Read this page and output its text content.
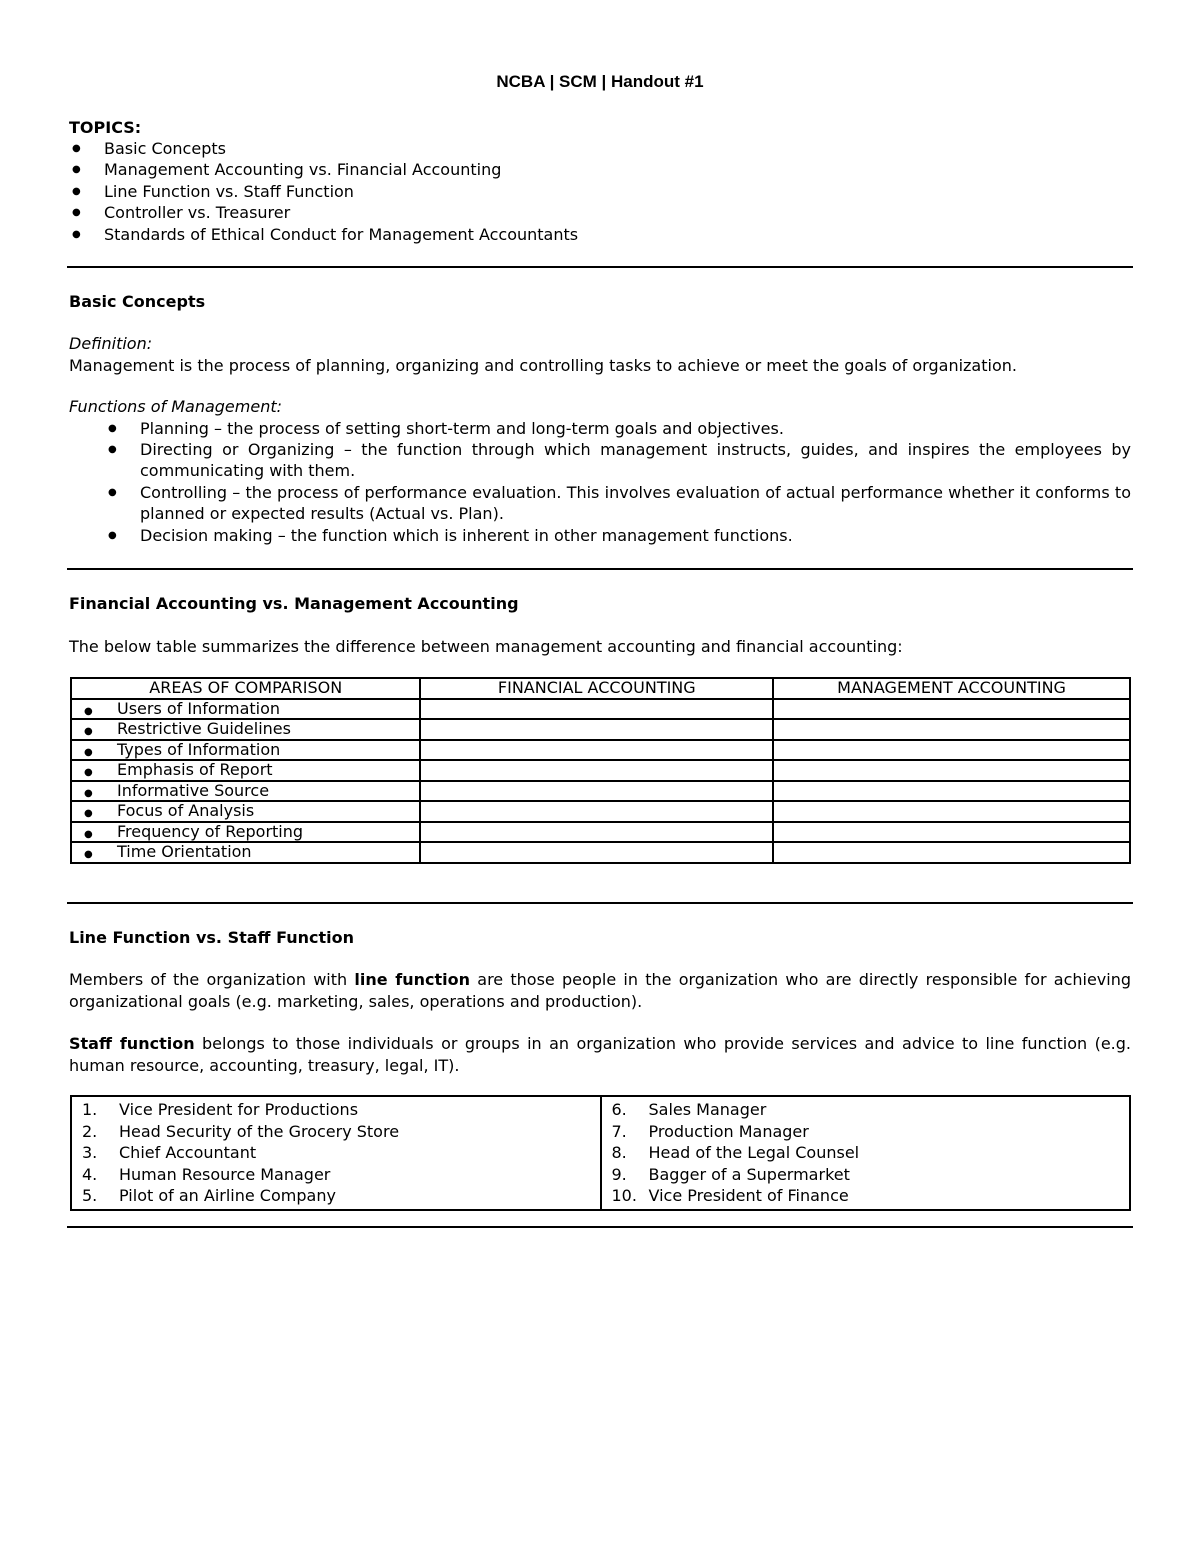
NCBA | SCM | Handout #1
TOPICS:
● Basic Concepts
● Management Accounting vs. Financial Accounting
● Line Function vs. Staff Function
● Controller vs. Treasurer
● Standards of Ethical Conduct for Management Accountants
Basic Concepts
Definition:
Management is the process of planning, organizing and controlling tasks to achieve or meet the goals of organization.
Functions of Management:
● Planning – the process of setting short-term and long-term goals and objectives.
● Directing or Organizing – the function through which management instructs, guides, and inspires the employees by communicating with them.
● Controlling – the process of performance evaluation. This involves evaluation of actual performance whether it conforms to planned or expected results (Actual vs. Plan).
● Decision making – the function which is inherent in other management functions.
Financial Accounting vs. Management Accounting
The below table summarizes the difference between management accounting and financial accounting:
AREAS OF COMPARISON	FINANCIAL ACCOUNTING	MANAGEMENT ACCOUNTING
● Users of Information		
● Restrictive Guidelines		
● Types of Information		
● Emphasis of Report		
● Informative Source		
● Focus of Analysis		
● Frequency of Reporting		
● Time Orientation		
Line Function vs. Staff Function
Members of the organization with line function are those people in the organization who are directly responsible for achieving organizational goals (e.g. marketing, sales, operations and production).
Staff function belongs to those individuals or groups in an organization who provide services and advice to line function (e.g. human resource, accounting, treasury, legal, IT).
1. Vice President for Productions
2. Head Security of the Grocery Store
3. Chief Accountant
4. Human Resource Manager
5. Pilot of an Airline Company

6. Sales Manager
7. Production Manager
8. Head of the Legal Counsel
9. Bagger of a Supermarket
10. Vice President of Finance
